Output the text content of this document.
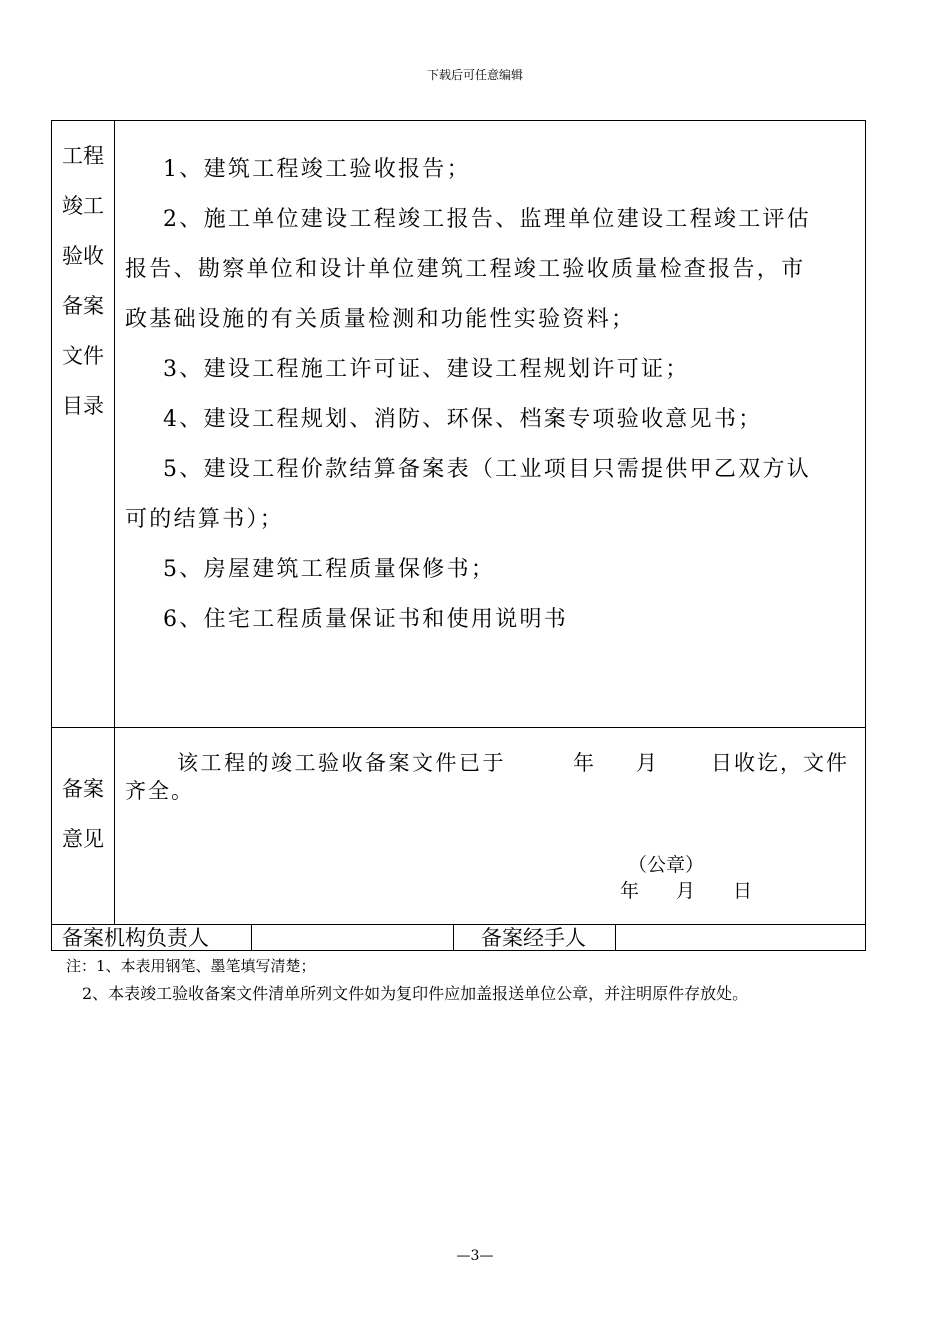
下载后可任意编辑
工程
竣工
验收
备案
文件
目录
1、建筑工程竣工验收报告；
2、施工单位建设工程竣工报告、监理单位建设工程竣工评估
报告、勘察单位和设计单位建筑工程竣工验收质量检查报告，市
政基础设施的有关质量检测和功能性实验资料；
3、建设工程施工许可证、建设工程规划许可证；
4、建设工程规划、消防、环保、档案专项验收意见书；
5、建设工程价款结算备案表（工业项目只需提供甲乙双方认
可的结算书）；
5、房屋建筑工程质量保修书；
6、住宅工程质量保证书和使用说明书
备案
意见
该工程的竣工验收备案文件已于	年 月	日收讫，文件
齐全。
（公章）
年 月 日
备案机构负责人	备案经手人
注：1、本表用钢笔、墨笔填写清楚；
2、本表竣工验收备案文件清单所列文件如为复印件应加盖报送单位公章，并注明原件存放处。
—3—
